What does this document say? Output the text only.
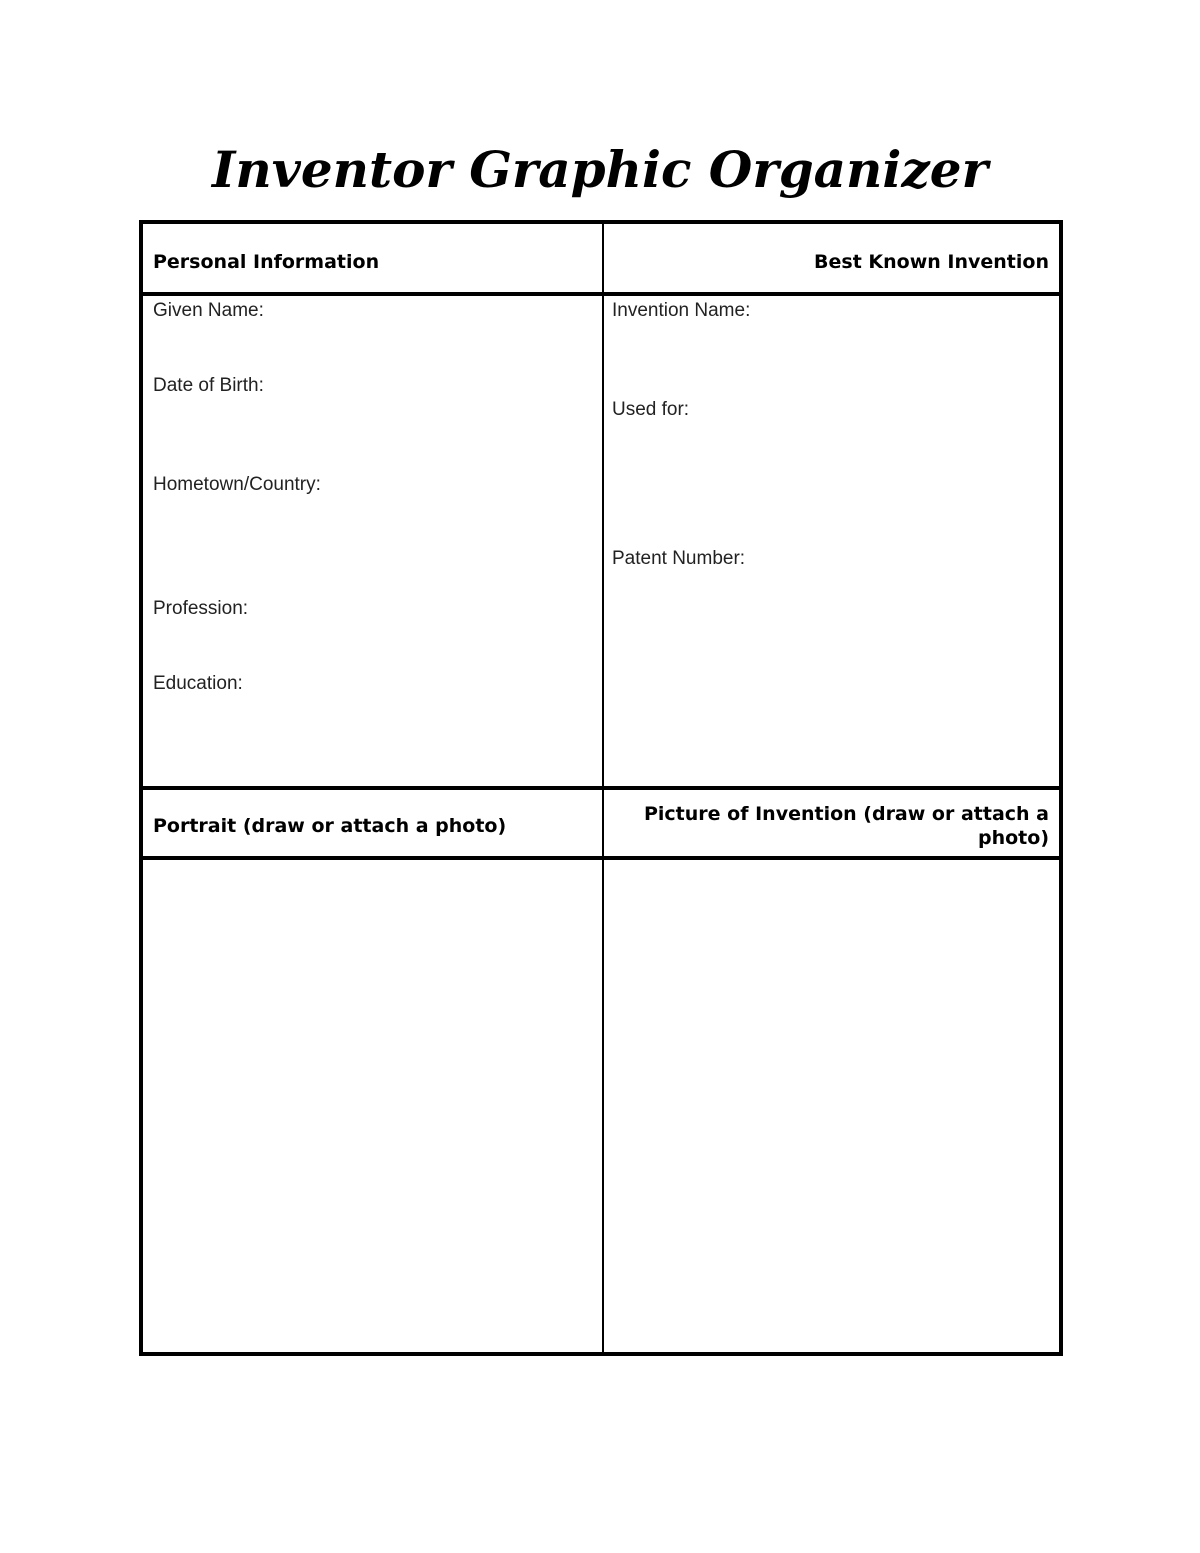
Inventor Graphic Organizer
Personal Information	Best Known Invention
Given Name:
Date of Birth:
Hometown/Country:
Profession:
Education:
Invention Name:
Used for:
Patent Number:
Portrait (draw or attach a photo)
Picture of Invention (draw or attach a photo)
